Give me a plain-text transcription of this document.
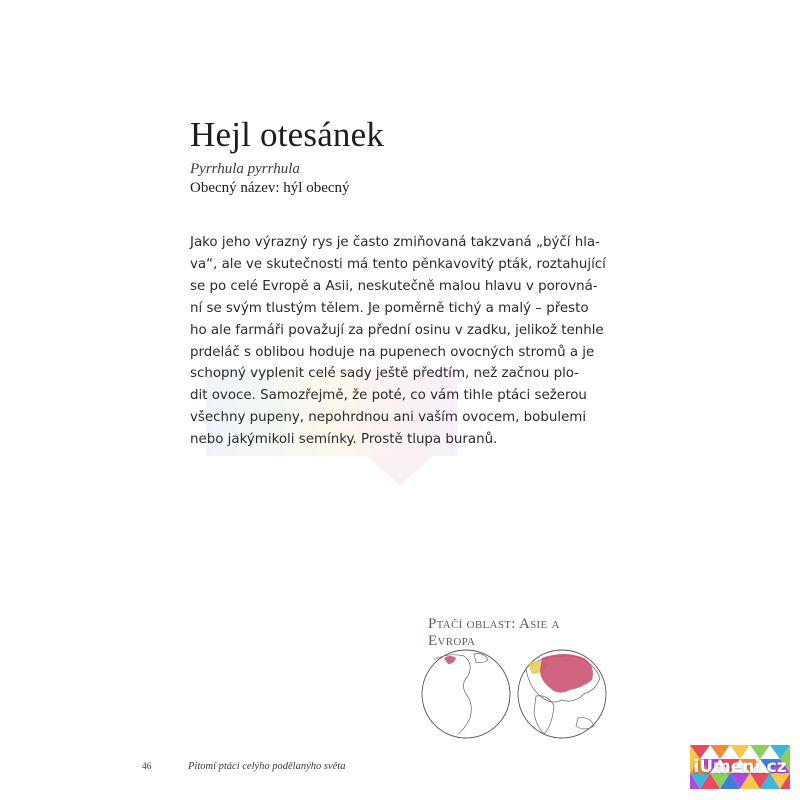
Hejl otesánek
Pyrrhula pyrrhula
Obecný název: hýl obecný

Jako jeho výrazný rys je často zmiňovaná takzvaná „býčí hla-
va“, ale ve skutečnosti má tento pěnkavovitý pták, roztahující
se po celé Evropě a Asii, neskutečně malou hlavu v porovná-
ní se svým tlustým tělem. Je poměrně tichý a malý – přesto
ho ale farmáři považují za přední osinu v zadku, jelikož tenhle
prdeláč s oblibou hoduje na pupenech ovocných stromů a je
schopný vyplenit celé sady ještě předtím, než začnou plo-
dit ovoce. Samozřejmě, že poté, co vám tihle ptáci sežerou
všechny pupeny, nepohrdnou ani vaším ovocem, bobulemi
nebo jakýmikoli semínky. Prostě tlupa buranů.

Ptačí oblast: Asie a Evropa
46	Pitomí ptáci celýho podělanýho světa	iUmeni.cz
